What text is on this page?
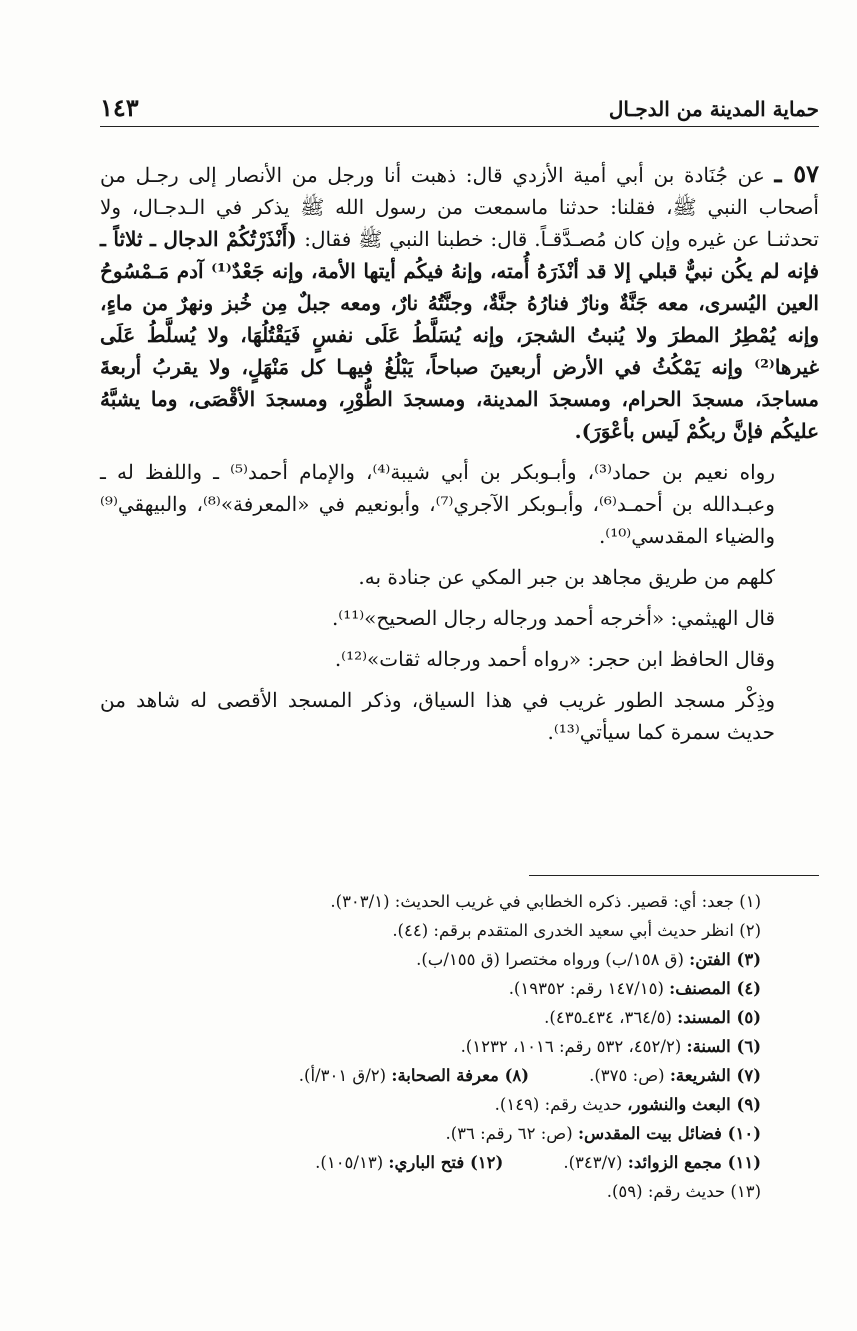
حماية المدينة من الدجـال
١٤٣

٥٧ ـ عن جُنَادة بن أبي أمية الأزدي قال: ذهبت أنا ورجل من الأنصار إلى رجـل من أصحاب النبي ﷺ، فقلنا: حدثنا ماسمعت من رسول الله ﷺ يذكر في الـدجـال، ولا تحدثنـا عن غيره وإن كان مُصـدَّقـاً. قال: خطبنا النبي ﷺ فقال: (أَنْذَرْتُكُمْ الدجال ـ ثلاثاً ـ فإنه لم يكُن نبيٌّ قبلي إلا قد أنْذَرَهُ أُمته، وإنهُ فيكُم أيتها الأمة، وإنه جَعْدٌ⁽¹⁾ آدم مَـمْسُوحُ العين اليُسرى، معه جَنَّةٌ ونارٌ فنارُهُ جنَّةٌ، وجنَّتُهُ نارٌ، ومعه جبلٌ مِن خُبز ونهرٌ من ماءٍ، وإنه يُمْطِرُ المطرَ ولا يُنبتُ الشجرَ، وإنه يُسَلَّطُ عَلَى نفسٍ فَيَقْتُلُهَا، ولا يُسلَّطُ عَلَى غيرها⁽²⁾ وإنه يَمْكُثُ في الأرض أربعينَ صباحاً، يَبْلُغُ فيهـا كل مَنْهَلٍ، ولا يقربُ أربعةَ مساجدَ، مسجدَ الحرام، ومسجدَ المدينة، ومسجدَ الطُّوْرِ، ومسجدَ الأقْصَى، وما يشبَّهُ عليكُم فإنَّ ربكُمْ لَيس بأعْوَرَ).

رواه نعيم بن حماد⁽³⁾، وأبـوبكر بن أبي شيبة⁽⁴⁾، والإمام أحمد⁽⁵⁾ ـ واللفظ له ـ وعبـدالله بن أحمـد⁽⁶⁾، وأبـوبكر الآجري⁽⁷⁾، وأبونعيم في «المعرفة»⁽⁸⁾، والبيهقي⁽⁹⁾ والضياء المقدسي⁽¹⁰⁾.

كلهم من طريق مجاهد بن جبر المكي عن جنادة به.

قال الهيثمي: «أخرجه أحمد ورجاله رجال الصحيح»⁽¹¹⁾.

وقال الحافظ ابن حجر: «رواه أحمد ورجاله ثقات»⁽¹²⁾.

وذِكْر مسجد الطور غريب في هذا السياق، وذكر المسجد الأقصى له شاهد من حديث سمرة كما سيأتي⁽¹³⁾.

(١) جعد: أي: قصير. ذكره الخطابي في غريب الحديث: (٣٠٣/١).

(٢) انظر حديث أبي سعيد الخدرى المتقدم برقم: (٤٤).

(٣) الفتن: (ق ١٥٨/ب) ورواه مختصرا (ق ١٥٥/ب).

(٤) المصنف: (١٤٧/١٥ رقم: ١٩٣٥٢).

(٥) المسند: (٣٦٤/٥، ٤٣٤ـ٤٣٥).

(٦) السنة: (٤٥٢/٢، ٥٣٢ رقم: ١٠١٦، ١٢٣٢).

(٧) الشريعة: (ص: ٣٧٥).
(٨) معرفة الصحابة: (٢/ق ٣٠١/أ).

(٩) البعث والنشور، حديث رقم: (١٤٩).

(١٠) فضائل بيت المقدس: (ص: ٦٢ رقم: ٣٦).

(١١) مجمع الزوائد: (٣٤٣/٧).
(١٢) فتح الباري: (١٠٥/١٣).

(١٣) حديث رقم: (٥٩).
